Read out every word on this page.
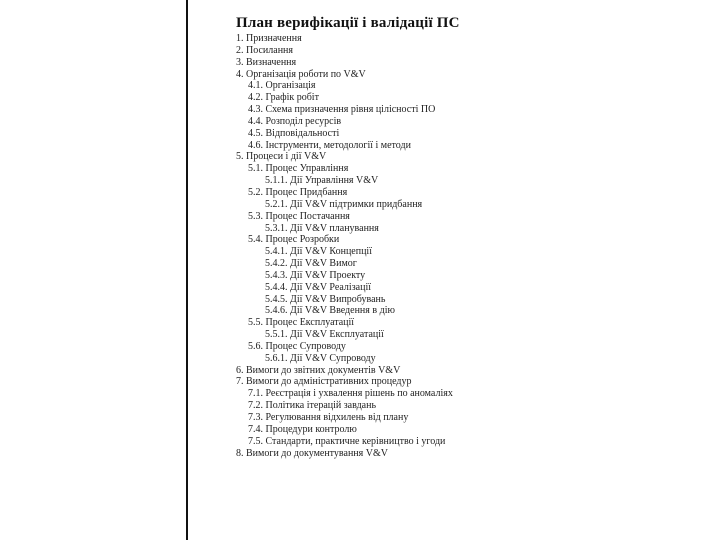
План верифікації і валідації ПС
1. Призначення
2. Посилання
3. Визначення
4. Організація роботи по V&V
4.1. Організація
4.2. Графік робіт
4.3. Схема призначення рівня цілісності ПО
4.4. Розподіл ресурсів
4.5. Відповідальності
4.6. Інструменти, методології і методи
5. Процеси і дії V&V
5.1. Процес Управління
5.1.1. Дії Управління V&V
5.2. Процес Придбання
5.2.1. Дії V&V підтримки придбання
5.3. Процес Постачання
5.3.1. Дії V&V планування
5.4. Процес Розробки
5.4.1. Дії V&V Концепції
5.4.2. Дії V&V Вимог
5.4.3. Дії V&V Проекту
5.4.4. Дії V&V Реалізації
5.4.5. Дії V&V Випробувань
5.4.6. Дії V&V Введення в дію
5.5. Процес Експлуатації
5.5.1. Дії V&V Експлуатації
5.6. Процес Супроводу
5.6.1. Дії V&V Супроводу
6. Вимоги до звітних документів V&V
7. Вимоги до адміністративних процедур
7.1. Реєстрація і ухвалення рішень по аномаліях
7.2. Політика ітерацій завдань
7.3. Регулювання відхилень від плану
7.4. Процедури контролю
7.5. Стандарти, практичне керівництво і угоди
8. Вимоги до документування V&V
